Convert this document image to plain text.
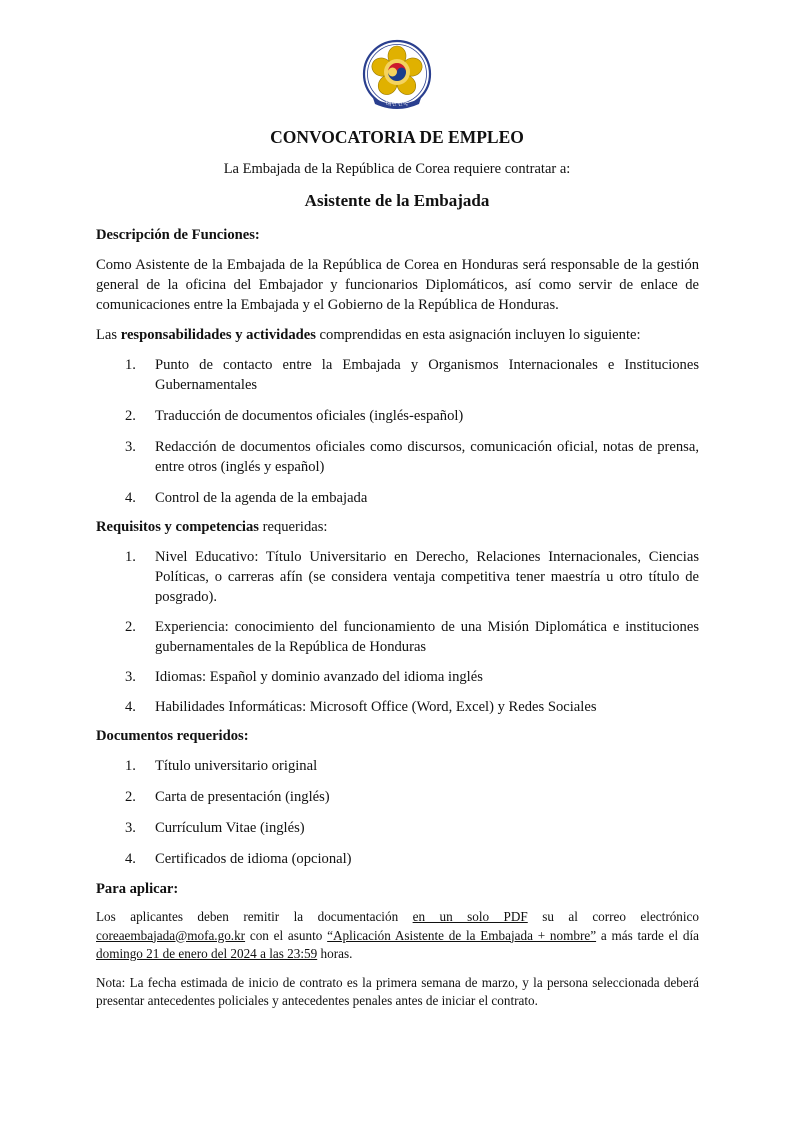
대한민국
CONVOCATORIA DE EMPLEO

La Embajada de la República de Corea requiere contratar a:

Asistente de la Embajada

Descripción de Funciones:

Como Asistente de la Embajada de la República de Corea en Honduras será responsable de la gestión general de la oficina del Embajador y funcionarios Diplomáticos, así como servir de enlace de comunicaciones entre la Embajada y el Gobierno de la República de Honduras.

Las responsabilidades y actividades comprendidas en esta asignación incluyen lo siguiente:

1. Punto de contacto entre la Embajada y Organismos Internacionales e Instituciones Gubernamentales
2. Traducción de documentos oficiales (inglés-español)
3. Redacción de documentos oficiales como discursos, comunicación oficial, notas de prensa, entre otros (inglés y español)
4. Control de la agenda de la embajada

Requisitos y competencias requeridas:

1. Nivel Educativo: Título Universitario en Derecho, Relaciones Internacionales, Ciencias Políticas, o carreras afín (se considera ventaja competitiva tener maestría u otro título de posgrado).
2. Experiencia: conocimiento del funcionamiento de una Misión Diplomática e instituciones gubernamentales de la República de Honduras
3. Idiomas: Español y dominio avanzado del idioma inglés
4. Habilidades Informáticas: Microsoft Office (Word, Excel) y Redes Sociales

Documentos requeridos:

1. Título universitario original
2. Carta de presentación (inglés)
3. Currículum Vitae (inglés)
4. Certificados de idioma (opcional)

Para aplicar:

Los aplicantes deben remitir la documentación en un solo PDF su al correo electrónico coreaembajada@mofa.go.kr con el asunto “Aplicación Asistente de la Embajada + nombre” a más tarde el día domingo 21 de enero del 2024 a las 23:59 horas.

Nota: La fecha estimada de inicio de contrato es la primera semana de marzo, y la persona seleccionada deberá presentar antecedentes policiales y antecedentes penales antes de iniciar el contrato.
